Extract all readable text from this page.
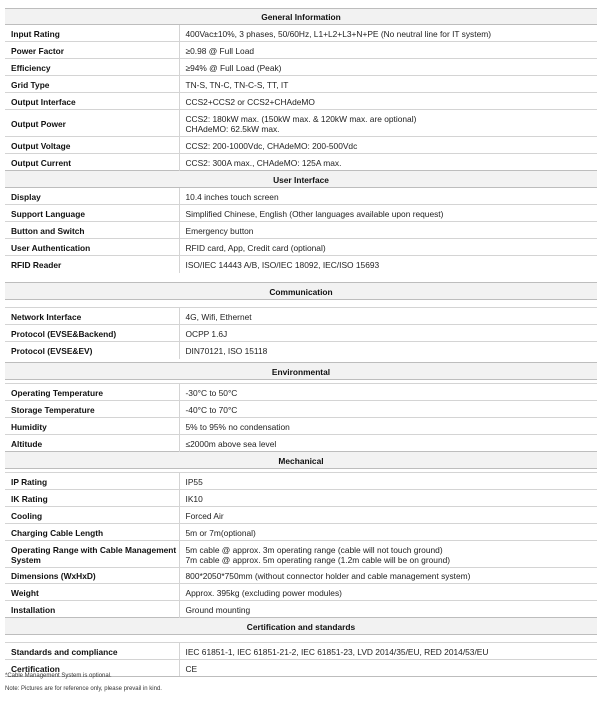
General Information	
Input Rating	400Vac±10%, 3 phases, 50/60Hz, L1+L2+L3+N+PE (No neutral line for IT system)
Power Factor	≥0.98 @ Full Load
Efficiency	≥94% @ Full Load (Peak)
Grid Type	TN-S, TN-C, TN-C-S, TT, IT
Output Interface	CCS2+CCS2 or CCS2+CHAdeMO
Output Power	CCS2: 180kW max. (150kW max. & 120kW max. are optional)
CHAdeMO: 62.5kW max.

Output Voltage	CCS2: 200-1000Vdc, CHAdeMO: 200-500Vdc
Output Current	CCS2: 300A max., CHAdeMO: 125A max.
User Interface	
Display	10.4 inches touch screen
Support Language	Simplified Chinese, English (Other languages available upon request)
Button and Switch	Emergency button
User Authentication	RFID card, App, Credit card (optional)
RFID Reader	ISO/IEC 14443 A/B, ISO/IEC 18092, IEC/ISO 15693

Communication	

Network Interface	4G, Wifi, Ethernet
Protocol (EVSE&Backend)	OCPP 1.6J
Protocol (EVSE&EV)	DIN70121, ISO 15118

Environmental	

Operating Temperature	-30°C to 50°C
Storage Temperature	-40°C to 70°C
Humidity	5% to 95% no condensation
Altitude	≤2000m above sea level
Mechanical	

IP Rating	IP55
IK Rating	IK10
Cooling	Forced Air
Charging Cable Length	5m or 7m(optional)

Operating Range with Cable Management
System	5m cable @ approx. 3m operating range (cable will not touch ground)
7m cable @ approx. 5m operating range (1.2m cable will be on ground)

Dimensions (WxHxD)	800*2050*750mm (without connector holder and cable management system)
Weight	Approx. 395kg (excluding power modules)
Installation	Ground mounting
Certification and standards	

Standards and compliance	IEC 61851-1, IEC 61851-21-2, IEC 61851-23, LVD 2014/35/EU, RED 2014/53/EU
Certification	CE
*Cable Management System is optional.
Note: Pictures are for reference only, please prevail in kind.
